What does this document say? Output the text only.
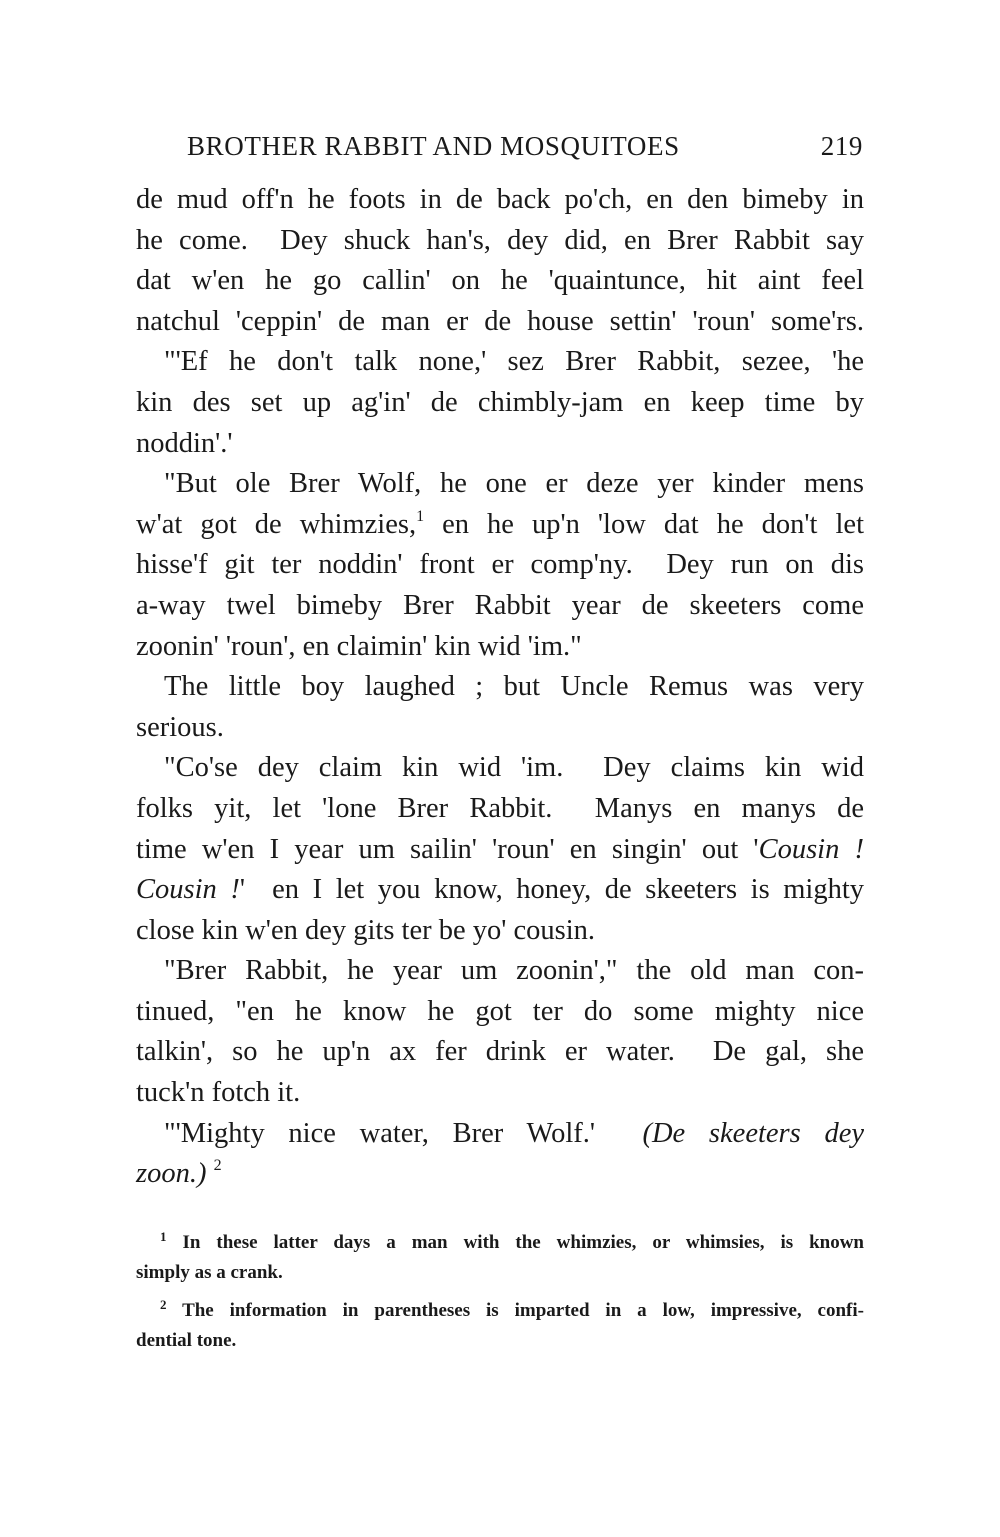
BROTHER RABBIT AND MOSQUITOES	219
de mud off'n he foots in de back po'ch, en den bimeby in
he come.  Dey shuck han's, dey did, en Brer Rabbit say
dat w'en he go callin' on he 'quaintunce, hit aint feel
natchul 'ceppin' de man er de house settin' 'roun' some'rs.
"'Ef he don't talk none,' sez Brer Rabbit, sezee, 'he
kin des set up ag'in' de chimbly-jam en keep time by
noddin'.'
"But ole Brer Wolf, he one er deze yer kinder mens
w'at got de whimzies,$^1$ en he up'n 'low dat he don't let
hisse'f git ter noddin' front er comp'ny.  Dey run on dis
a-way twel bimeby Brer Rabbit year de skeeters come
zoonin' 'roun', en claimin' kin wid 'im."
The little boy laughed ; but Uncle Remus was very
serious.
"Co'se dey claim kin wid 'im.  Dey claims kin wid
folks yit, let 'lone Brer Rabbit.  Manys en manys de
time w'en I year um sailin' 'roun' en singin' out 'Cousin !
Cousin !'  en I let you know, honey, de skeeters is mighty
close kin w'en dey gits ter be yo' cousin.
"Brer Rabbit, he year um zoonin'," the old man con-
tinued, "en he know he got ter do some mighty nice
talkin', so he up'n ax fer drink er water.  De gal, she
tuck'n fotch it.
"'Mighty nice water, Brer Wolf.'  (De skeeters dey
zoon.) $^2$
$^1$ In these latter days a man with the whimzies, or whimsies, is known
simply as a crank.
$^2$ The information in parentheses is imparted in a low, impressive, confi-
dential tone.
